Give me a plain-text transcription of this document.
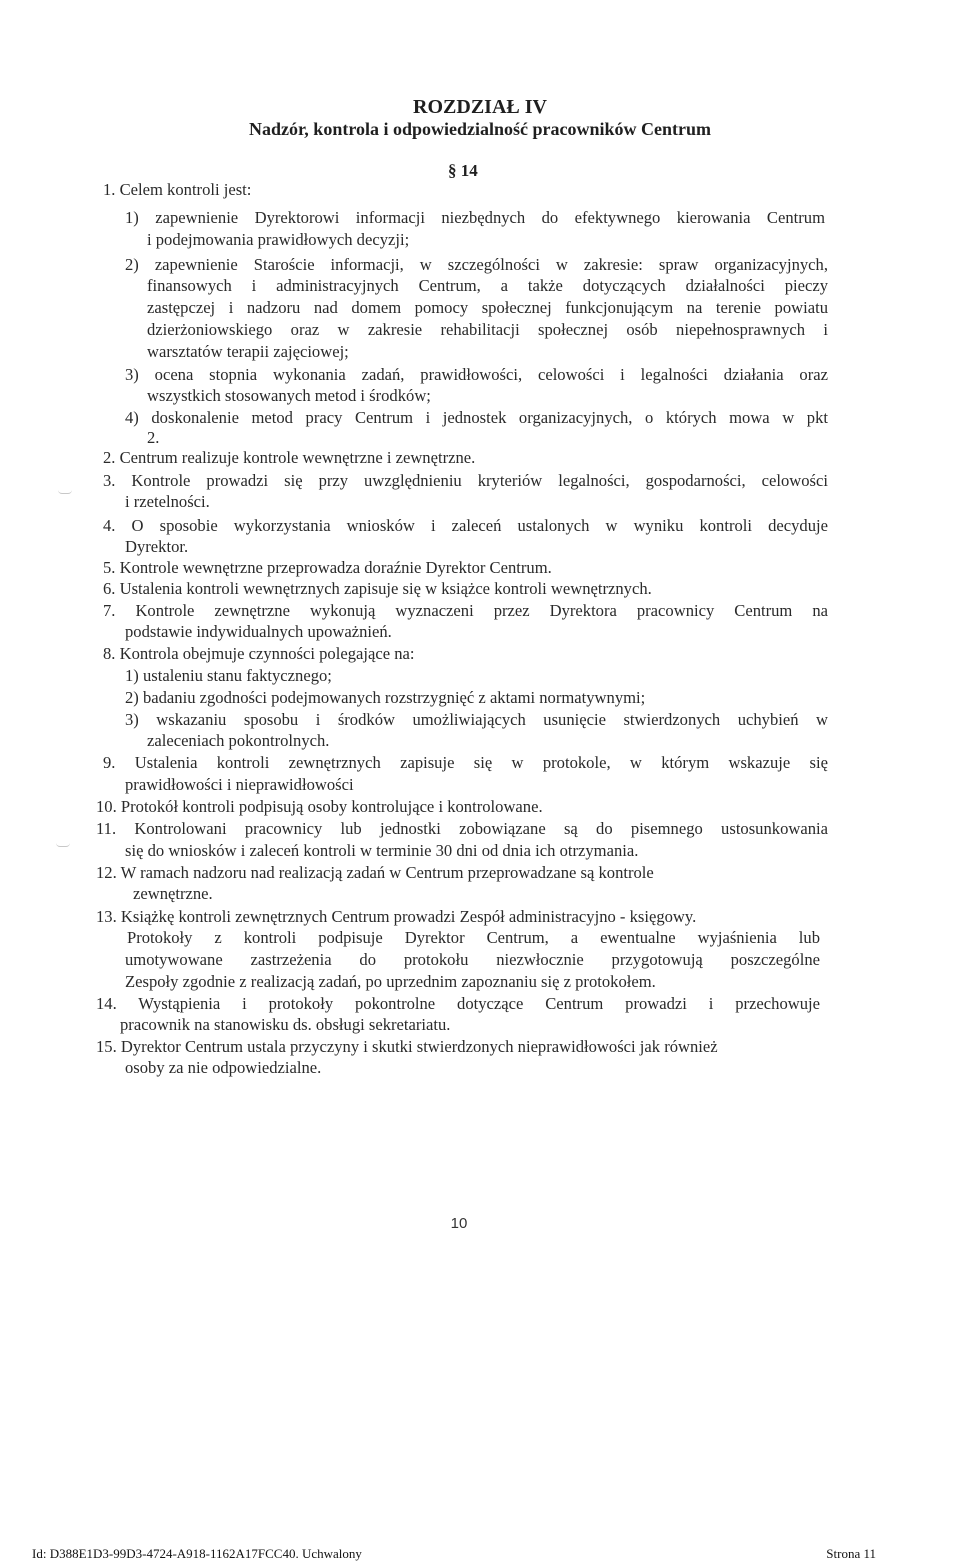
ROZDZIAŁ IV
Nadzór, kontrola i odpowiedzialność pracowników Centrum
§ 14
1. Celem kontroli jest:
1) zapewnienie Dyrektorowi informacji niezbędnych do efektywnego kierowania Centrum
i podejmowania prawidłowych decyzji;
2) zapewnienie Staroście informacji, w szczególności w zakresie: spraw organizacyjnych,
finansowych i administracyjnych Centrum, a także dotyczących działalności pieczy
zastępczej i nadzoru nad domem pomocy społecznej funkcjonującym na terenie powiatu
dzierżoniowskiego oraz w zakresie rehabilitacji społecznej osób niepełnosprawnych i
warsztatów terapii zajęciowej;
3) ocena stopnia wykonania zadań, prawidłowości, celowości i legalności działania oraz
wszystkich stosowanych metod i środków;
4) doskonalenie metod pracy Centrum i jednostek organizacyjnych, o których mowa w pkt
2.
2. Centrum realizuje kontrole wewnętrzne i zewnętrzne.
3. Kontrole prowadzi się przy uwzględnieniu kryteriów legalności, gospodarności, celowości
i rzetelności.
4. O sposobie wykorzystania wniosków i zaleceń ustalonych w wyniku kontroli decyduje
Dyrektor.
5. Kontrole wewnętrzne przeprowadza doraźnie Dyrektor Centrum.
6. Ustalenia kontroli wewnętrznych zapisuje się w książce kontroli wewnętrznych.
7. Kontrole zewnętrzne wykonują wyznaczeni przez Dyrektora pracownicy Centrum na
podstawie indywidualnych upoważnień.
8. Kontrola obejmuje czynności polegające na:
1) ustaleniu stanu faktycznego;
2) badaniu zgodności podejmowanych rozstrzygnięć z aktami normatywnymi;
3) wskazaniu sposobu i środków umożliwiających usunięcie stwierdzonych uchybień w
zaleceniach pokontrolnych.
9. Ustalenia kontroli zewnętrznych zapisuje się w protokole, w którym wskazuje się
prawidłowości i nieprawidłowości
10. Protokół kontroli podpisują osoby kontrolujące i kontrolowane.
11. Kontrolowani pracownicy lub jednostki zobowiązane są do pisemnego ustosunkowania
się do wniosków i zaleceń kontroli w terminie 30 dni od dnia ich otrzymania.
12. W ramach nadzoru nad realizacją zadań w Centrum przeprowadzane są kontrole
zewnętrzne.
13. Książkę kontroli zewnętrznych Centrum prowadzi Zespół administracyjno - księgowy.
Protokoły z kontroli podpisuje Dyrektor Centrum, a ewentualne wyjaśnienia lub
umotywowane zastrzeżenia do protokołu niezwłocznie przygotowują poszczególne
Zespoły zgodnie z realizacją zadań, po uprzednim zapoznaniu się z protokołem.
14. Wystąpienia i protokoły pokontrolne dotyczące Centrum prowadzi i przechowuje
pracownik na stanowisku ds. obsługi sekretariatu.
15. Dyrektor Centrum ustala przyczyny i skutki stwierdzonych nieprawidłowości jak również
osoby za nie odpowiedzialne.
10
Id: D388E1D3-99D3-4724-A918-1162A17FCC40. Uchwalony	Strona 11
